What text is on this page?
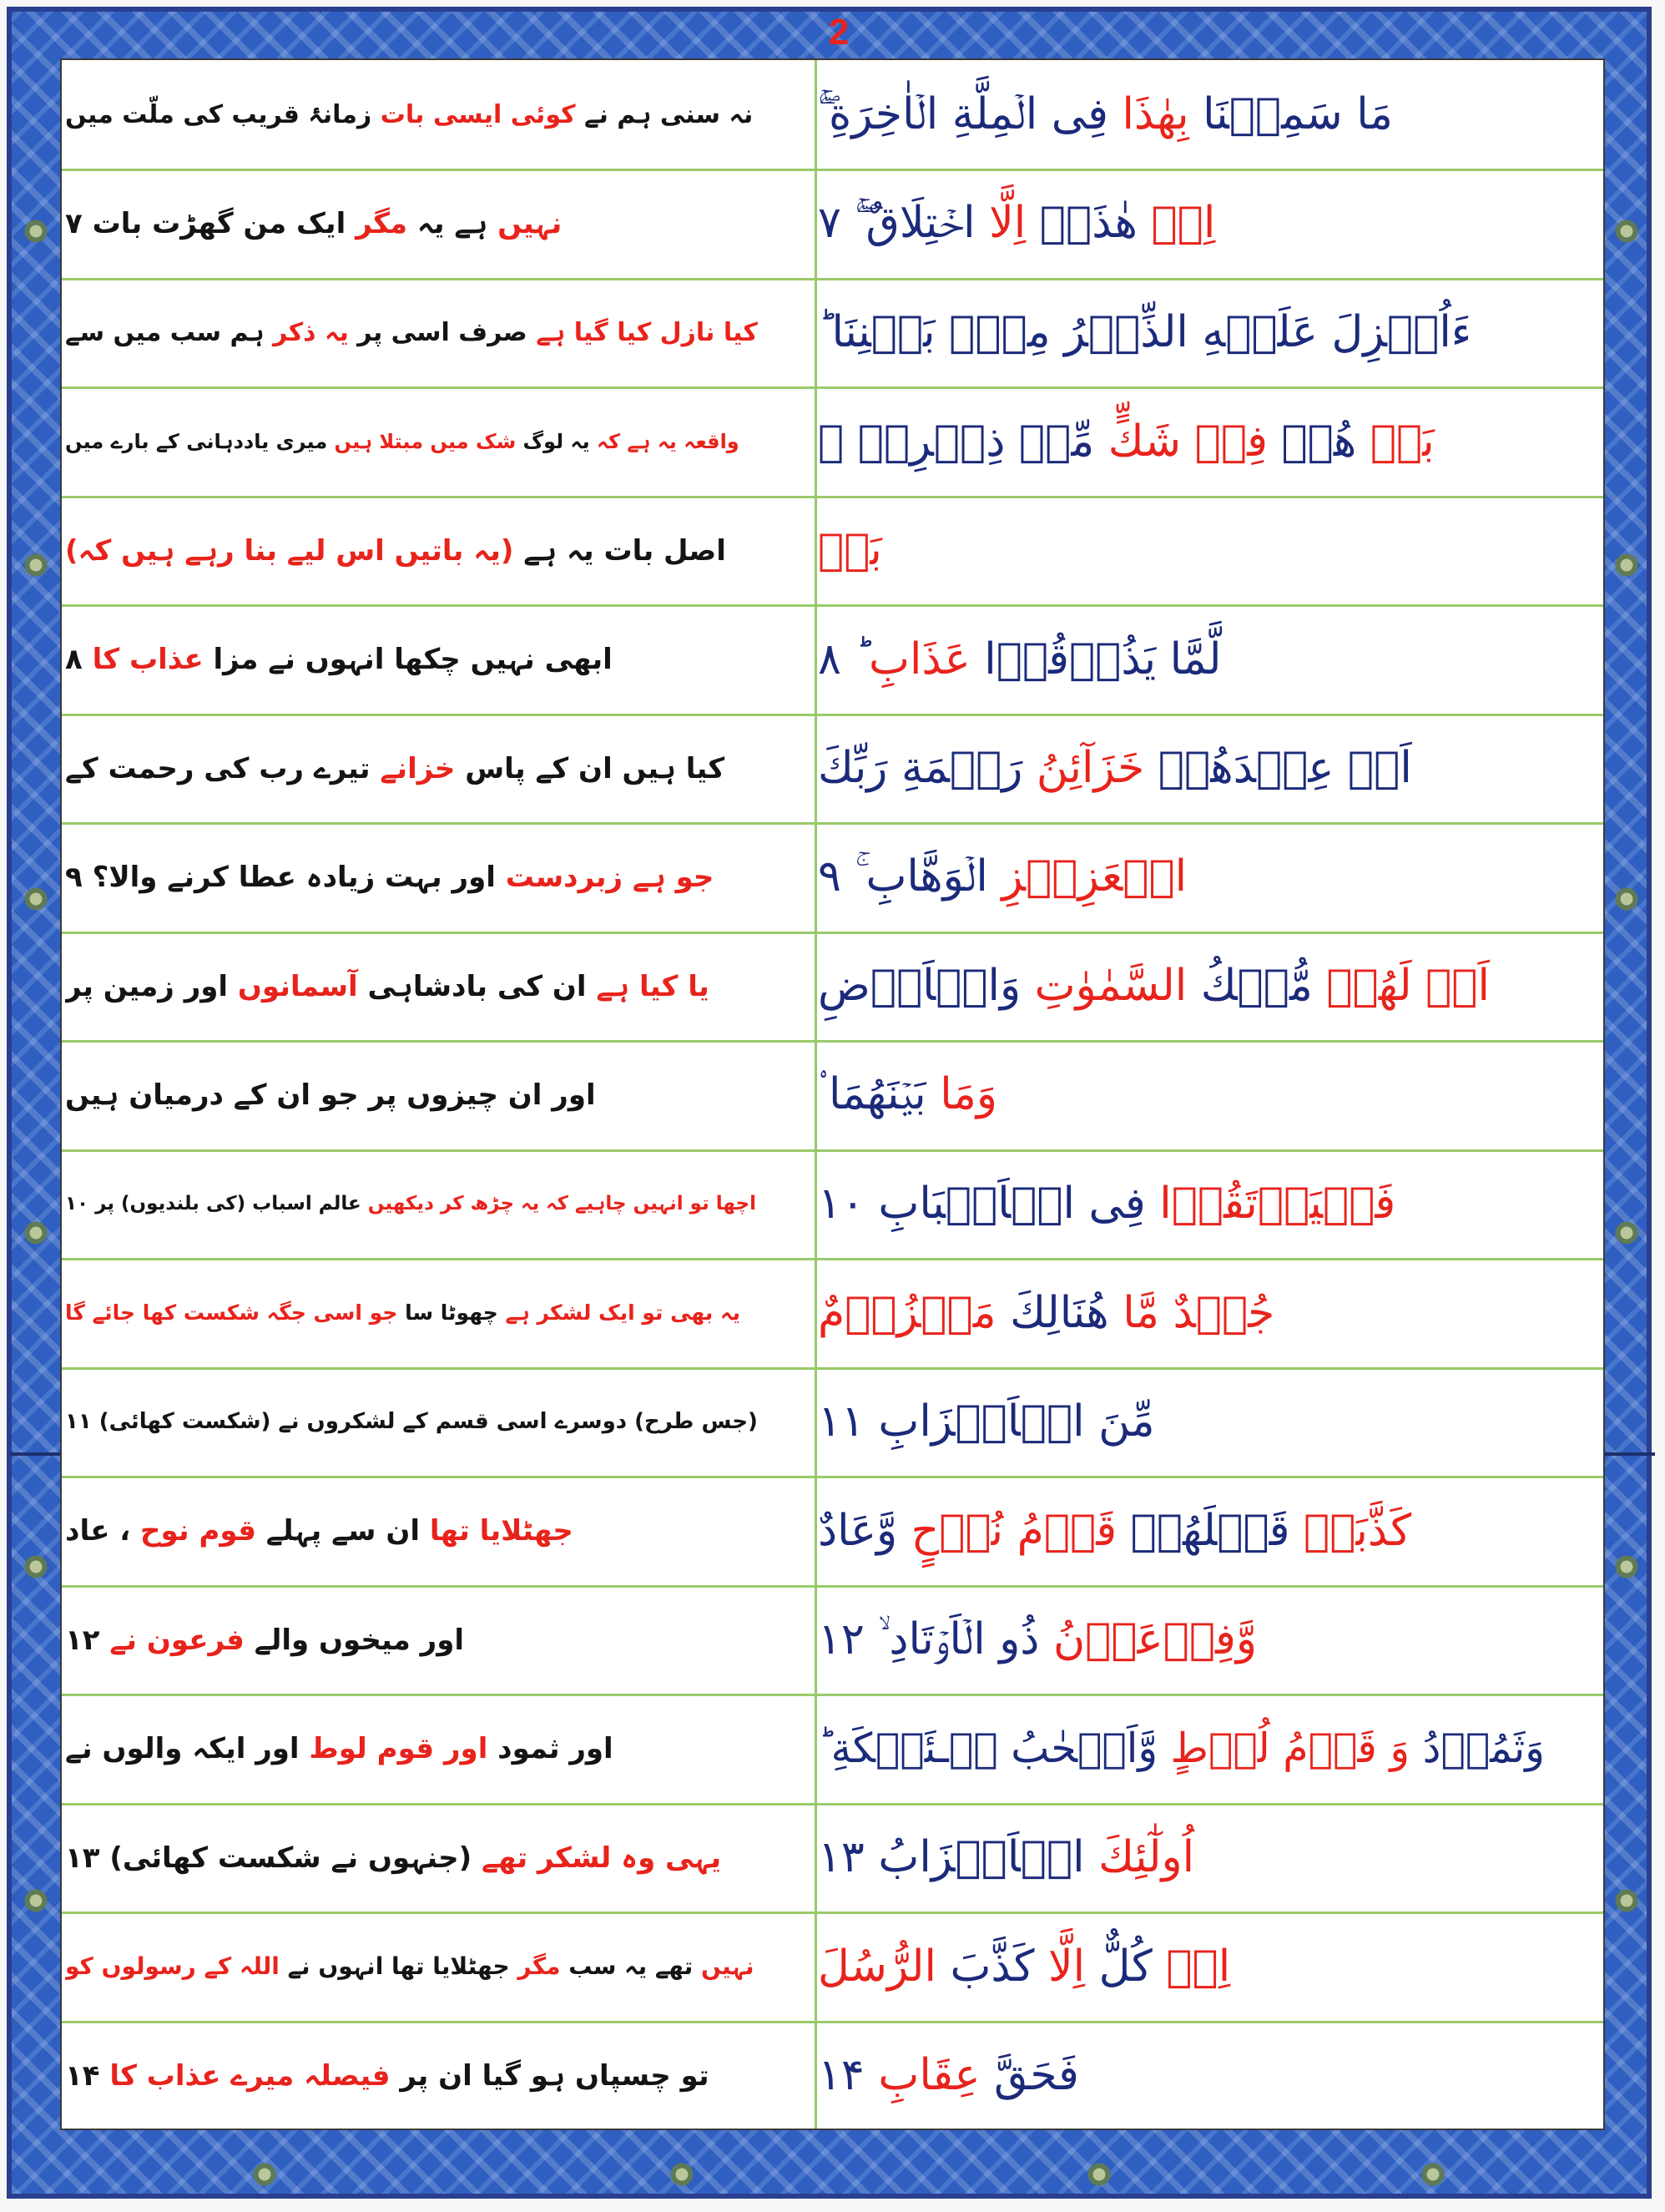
2
نہ سنی ہم نے کوئی ایسی بات زمانۂ قریب کی ملّت میں	مَا سَمِعۡنَا بِهٰذَا فِى الۡمِلَّةِ الۡاٰخِرَةِ ۖۚ
نہیں ہے یہ مگر ایک من گھڑت بات ۷	اِنۡ هٰذَاۤ اِلَّا اخۡتِلَاقٌ ۖۚ ۷
کیا نازل کیا گیا ہے صرف اسی پر یہ ذکر ہم سب میں سے	ءَاُنۡزِلَ عَلَيۡهِ الذِّكۡرُ مِنۡۢ بَيۡنِنَا ؕ
واقعہ یہ ہے کہ یہ لوگ شک میں مبتلا ہیں میری یاددہانی کے بارے میں	بَلۡ هُمۡ فِىۡ شَكٍّ مِّنۡ ذِكۡرِىۡ ۚ
اصل بات یہ ہے (یہ باتیں اس لیے بنا رہے ہیں کہ)	بَلۡ
ابھی نہیں چکھا انہوں نے مزا عذاب کا ۸	لَّمَّا يَذُوۡقُوۡا عَذَابِ ؕ ۸
کیا ہیں ان کے پاس خزانے تیرے رب کی رحمت کے	اَمۡ عِنۡدَهُمۡ خَزَآئِنُ رَحۡمَةِ رَبِّكَ
جو ہے زبردست اور بہت زیادہ عطا کرنے والا؟ ۹	الۡعَزِيۡزِ الۡوَهَّابِ ۚ ۹
یا کیا ہے ان کی بادشاہی آسمانوں اور زمین پر	اَمۡ لَهُمۡ مُّلۡكُ السَّمٰوٰتِ وَالۡاَرۡضِ
اور ان چیزوں پر جو ان کے درمیان ہیں	وَمَا بَيۡنَهُمَا ۟
اچھا تو انہیں چاہیے کہ یہ چڑھ کر دیکھیں عالم اسباب (کی بلندیوں) پر ۱۰	فَلۡيَرۡتَقُوۡا فِى الۡاَسۡبَابِ ۱۰
یہ بھی تو ایک لشکر ہے چھوٹا سا جو اسی جگہ شکست کھا جائے گا	جُنۡدٌ مَّا هُنَالِكَ مَهۡزُوۡمٌ
(جس طرح) دوسرے اسی قسم کے لشکروں نے (شکست کھائی) ۱۱ مِّنَ الۡاَحۡزَابِ ۱۱
جھٹلایا تھا ان سے پہلے قوم نوح ، عاد	كَذَّبَتۡ قَبۡلَهُمۡ قَوۡمُ نُوۡحٍ وَّعَادٌ
اور میخوں والے فرعون نے ۱۲	وَّفِرۡعَوۡنُ ذُو الۡاَوۡتَادِ ۙ ۱۲
اور ثمود اور قوم لوط اور ایکہ والوں نے	وَثَمُوۡدُ وَ قَوۡمُ لُوۡطٍ وَّاَصۡحٰبُ لۡـئَيۡكَةِ ؕ
یہی وہ لشکر تھے (جنہوں نے شکست کھائی) ۱۳	اُولٰٓئِكَ الۡاَحۡزَابُ ۱۳
نہیں تھے یہ سب مگر جھٹلایا تھا انہوں نے اللہ کے رسولوں کو	اِنۡ كُلٌّ اِلَّا كَذَّبَ الرُّسُلَ
تو چسپاں ہو گیا ان پر فیصلہ میرے عذاب کا ۱۴	فَحَقَّ عِقَابِ ۱۴
